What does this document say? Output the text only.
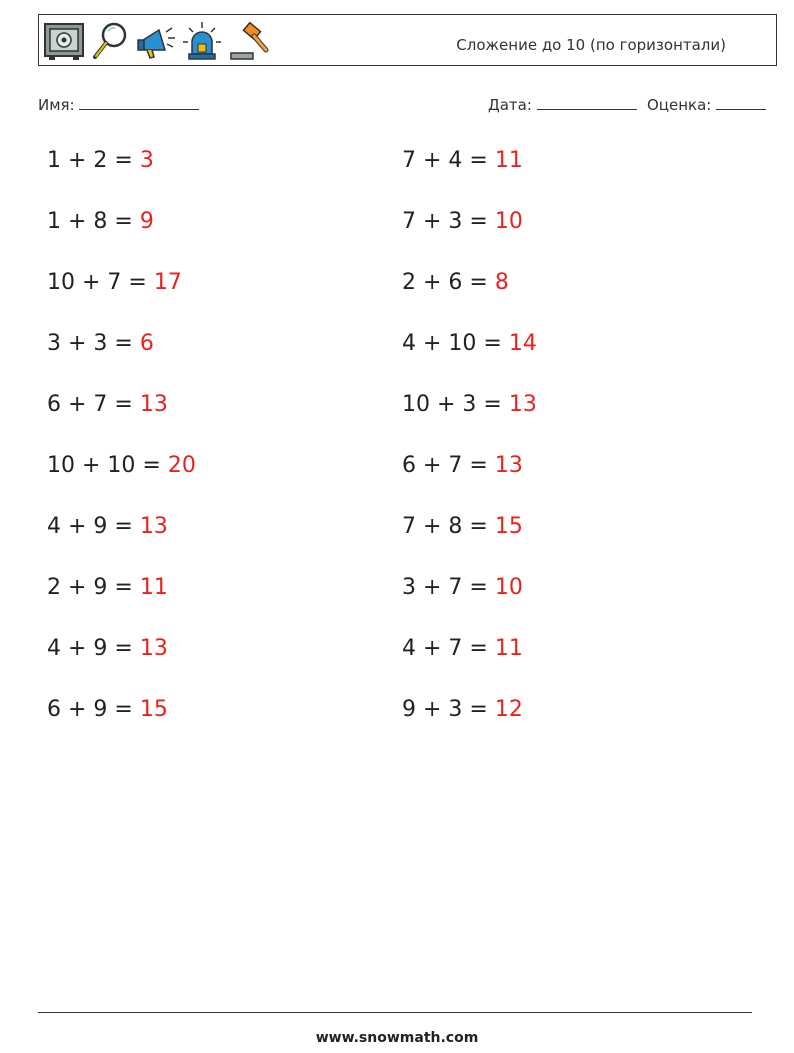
Сложение до 10 (по горизонтали)
Имя:	Дата:	Оценка:
1 + 2 = 3	7 + 4 = 11
1 + 8 = 9	7 + 3 = 10
10 + 7 = 17	2 + 6 = 8
3 + 3 = 6	4 + 10 = 14
6 + 7 = 13	10 + 3 = 13
10 + 10 = 20	6 + 7 = 13
4 + 9 = 13	7 + 8 = 15
2 + 9 = 11	3 + 7 = 10
4 + 9 = 13	4 + 7 = 11
6 + 9 = 15	9 + 3 = 12
www.snowmath.com
